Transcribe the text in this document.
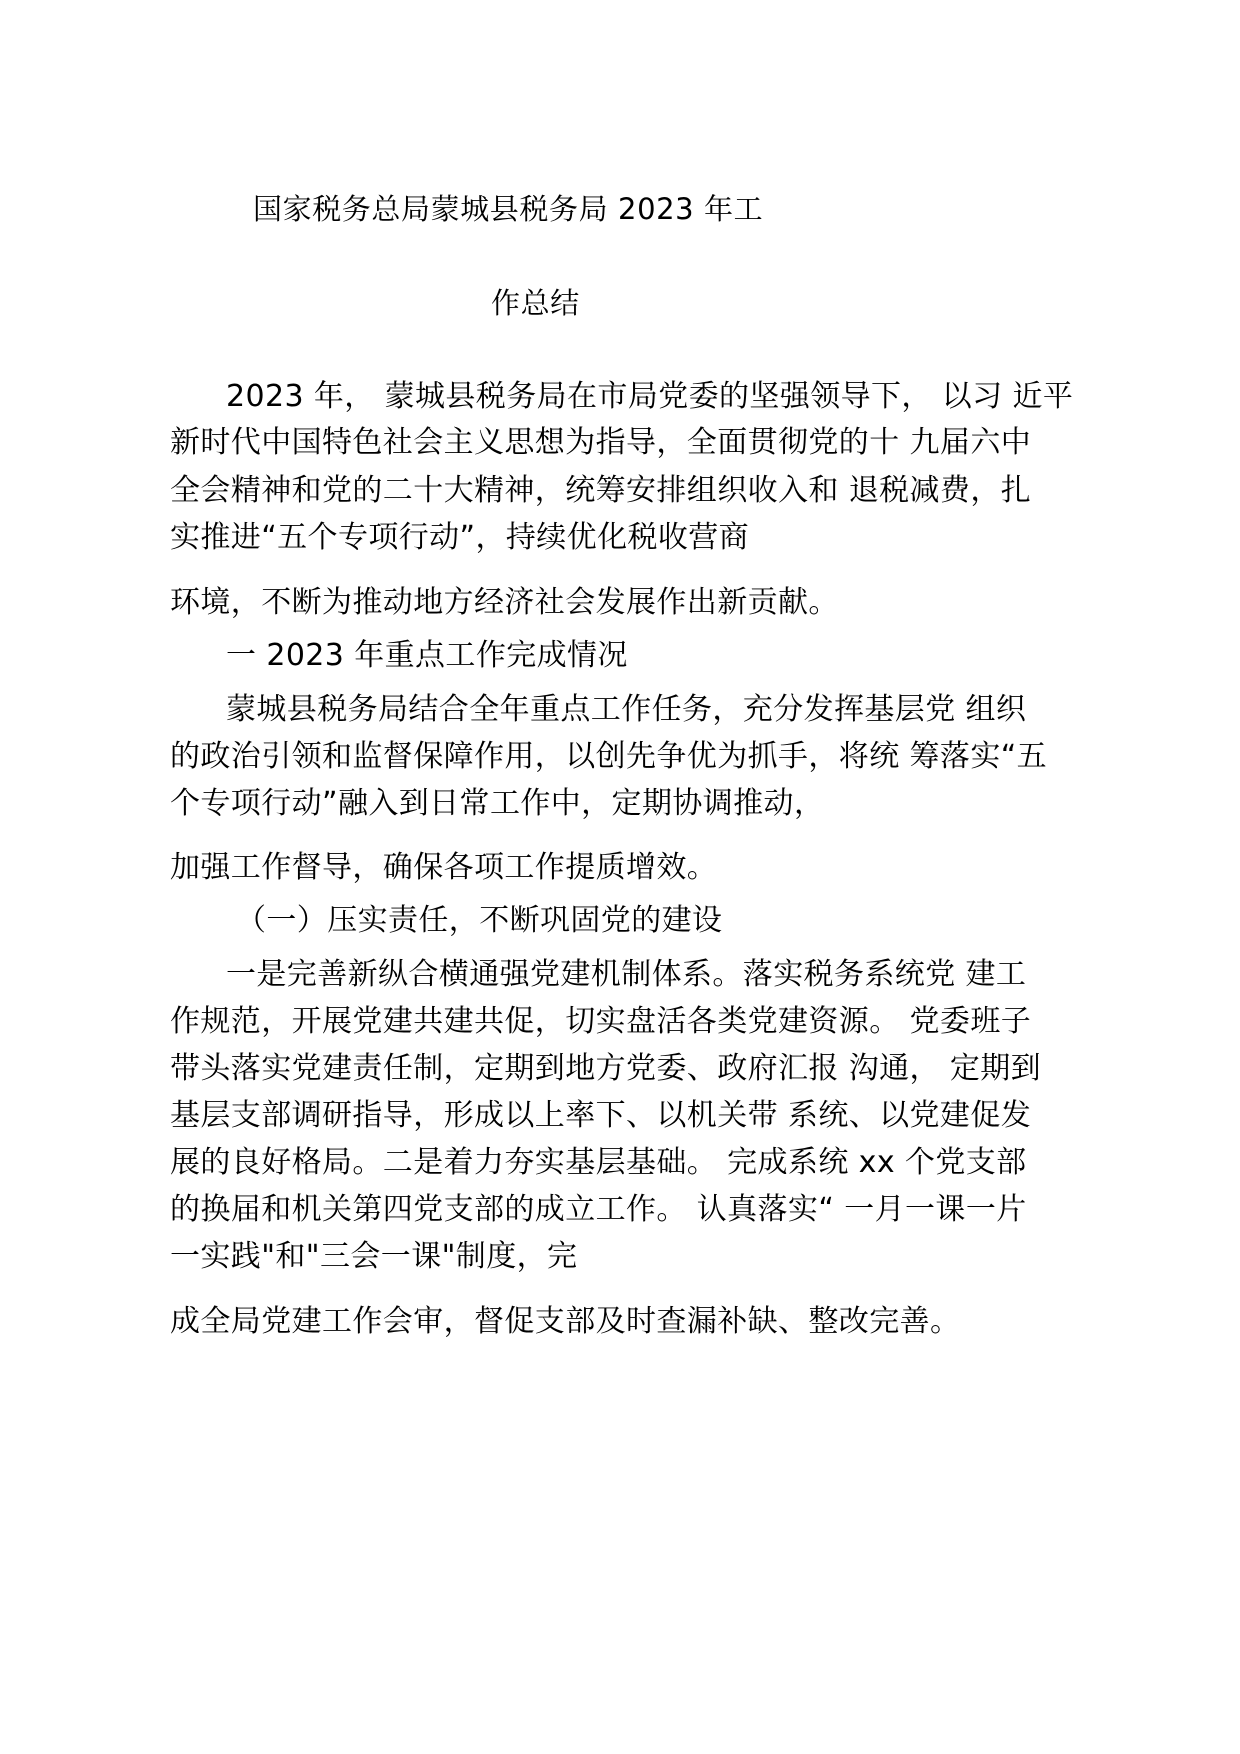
国家税务总局蒙城县税务局 2023 年工
作总结
2023 年， 蒙城县税务局在市局党委的坚强领导下， 以习 近平
新时代中国特色社会主义思想为指导，全面贯彻党的十 九届六中
全会精神和党的二十大精神，统筹安排组织收入和 退税减费，扎
实推进“五个专项行动”，持续优化税收营商
环境，不断为推动地方经济社会发展作出新贡献。
一 2023 年重点工作完成情况
蒙城县税务局结合全年重点工作任务，充分发挥基层党 组织
的政治引领和监督保障作用，以创先争优为抓手，将统 筹落实“五
个专项行动”融入到日常工作中，定期协调推动，
加强工作督导，确保各项工作提质增效。
（一）压实责任，不断巩固党的建设
一是完善新纵合横通强党建机制体系。落实税务系统党 建工
作规范，开展党建共建共促，切实盘活各类党建资源。 党委班子
带头落实党建责任制，定期到地方党委、政府汇报 沟通， 定期到
基层支部调研指导，形成以上率下、以机关带 系统、以党建促发
展的良好格局。二是着力夯实基层基础。 完成系统 xx 个党支部
的换届和机关第四党支部的成立工作。 认真落实“ 一月一课一片
一实践"和"三会一课"制度，完
成全局党建工作会审，督促支部及时查漏补缺、整改完善。
